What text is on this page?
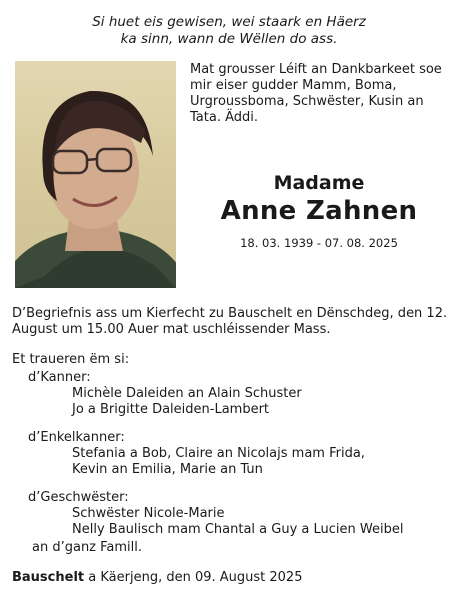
Si huet eis gewisen, wei staark en Häerz
ka sinn, wann de Wëllen do ass.
Mat grousser Léift an Dankbarkeet soe mir eiser gudder Mamm, Boma, Urgroussboma, Schwëster, Kusin an Tata. Äddi.
Madame
Anne Zahnen
18. 03. 1939 - 07. 08. 2025
D’Begriefnis ass um Kierfecht zu Bauschelt en Dënschdeg, den 12. August um 15.00 Auer mat uschléissender Mass.
Et traueren ëm si:
d’Kanner:
Michèle Daleiden an Alain Schuster
Jo a Brigitte Daleiden-Lambert
d’Enkelkanner:
Stefania a Bob, Claire an Nicolajs mam Frida,
Kevin an Emilia, Marie an Tun
d’Geschwëster:
Schwëster Nicole-Marie
Nelly Baulisch mam Chantal a Guy a Lucien Weibel
an d’ganz Famill.
Bauschelt a Käerjeng, den 09. August 2025
